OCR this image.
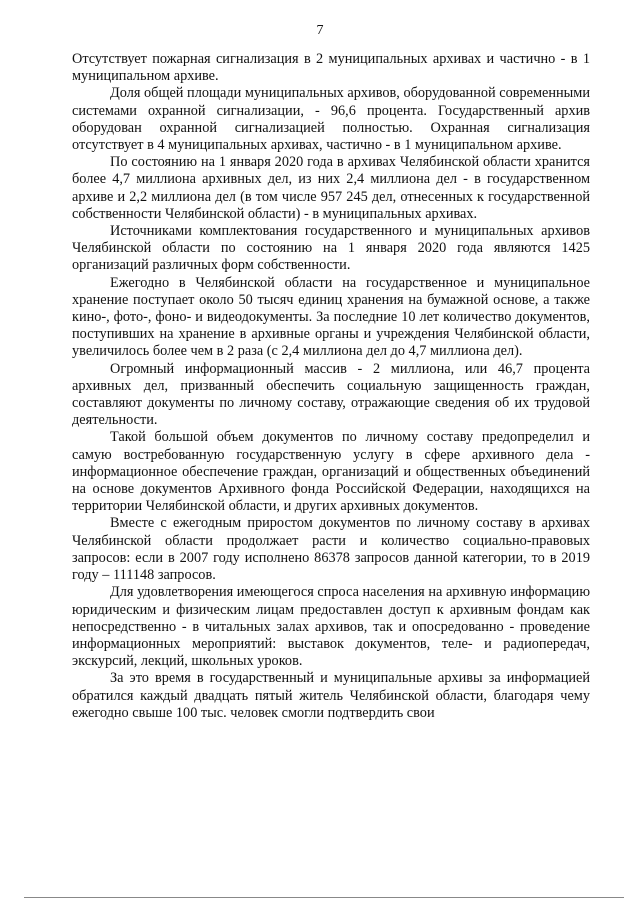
7

Отсутствует пожарная сигнализация в 2 муниципальных архивах и частично - в 1 муниципальном архиве.

Доля общей площади муниципальных архивов, оборудованной современными системами охранной сигнализации, - 96,6 процента. Государственный архив оборудован охранной сигнализацией полностью. Охранная сигнализация отсутствует в 4 муниципальных архивах, частично - в 1 муниципальном архиве.

По состоянию на 1 января 2020 года в архивах Челябинской области хранится более 4,7 миллиона архивных дел, из них 2,4 миллиона дел - в государственном архиве и 2,2 миллиона дел (в том числе 957 245 дел, отнесенных к государственной собственности Челябинской области) - в муниципальных архивах.

Источниками комплектования государственного и муниципальных архивов Челябинской области по состоянию на 1 января 2020 года являются 1425 организаций различных форм собственности.

Ежегодно в Челябинской области на государственное и муниципальное хранение поступает около 50 тысяч единиц хранения на бумажной основе, а также кино-, фото-, фоно- и видеодокументы. За последние 10 лет количество документов, поступивших на хранение в архивные органы и учреждения Челябинской области, увеличилось более чем в 2 раза (с 2,4 миллиона дел до 4,7 миллиона дел).

Огромный информационный массив - 2 миллиона, или 46,7 процента архивных дел, призванный обеспечить социальную защищенность граждан, составляют документы по личному составу, отражающие сведения об их трудовой деятельности.

Такой большой объем документов по личному составу предопределил и самую востребованную государственную услугу в сфере архивного дела - информационное обеспечение граждан, организаций и общественных объединений на основе документов Архивного фонда Российской Федерации, находящихся на территории Челябинской области, и других архивных документов.

Вместе с ежегодным приростом документов по личному составу в архивах Челябинской области продолжает расти и количество социально-правовых запросов: если в 2007 году исполнено 86378 запросов данной категории, то в 2019 году – 111148 запросов.

Для удовлетворения имеющегося спроса населения на архивную информацию юридическим и физическим лицам предоставлен доступ к архивным фондам как непосредственно - в читальных залах архивов, так и опосредованно - проведение информационных мероприятий: выставок документов, теле- и радиопередач, экскурсий, лекций, школьных уроков.

За это время в государственный и муниципальные архивы за информацией обратился каждый двадцать пятый житель Челябинской области, благодаря чему ежегодно свыше 100 тыс. человек смогли подтвердить свои
